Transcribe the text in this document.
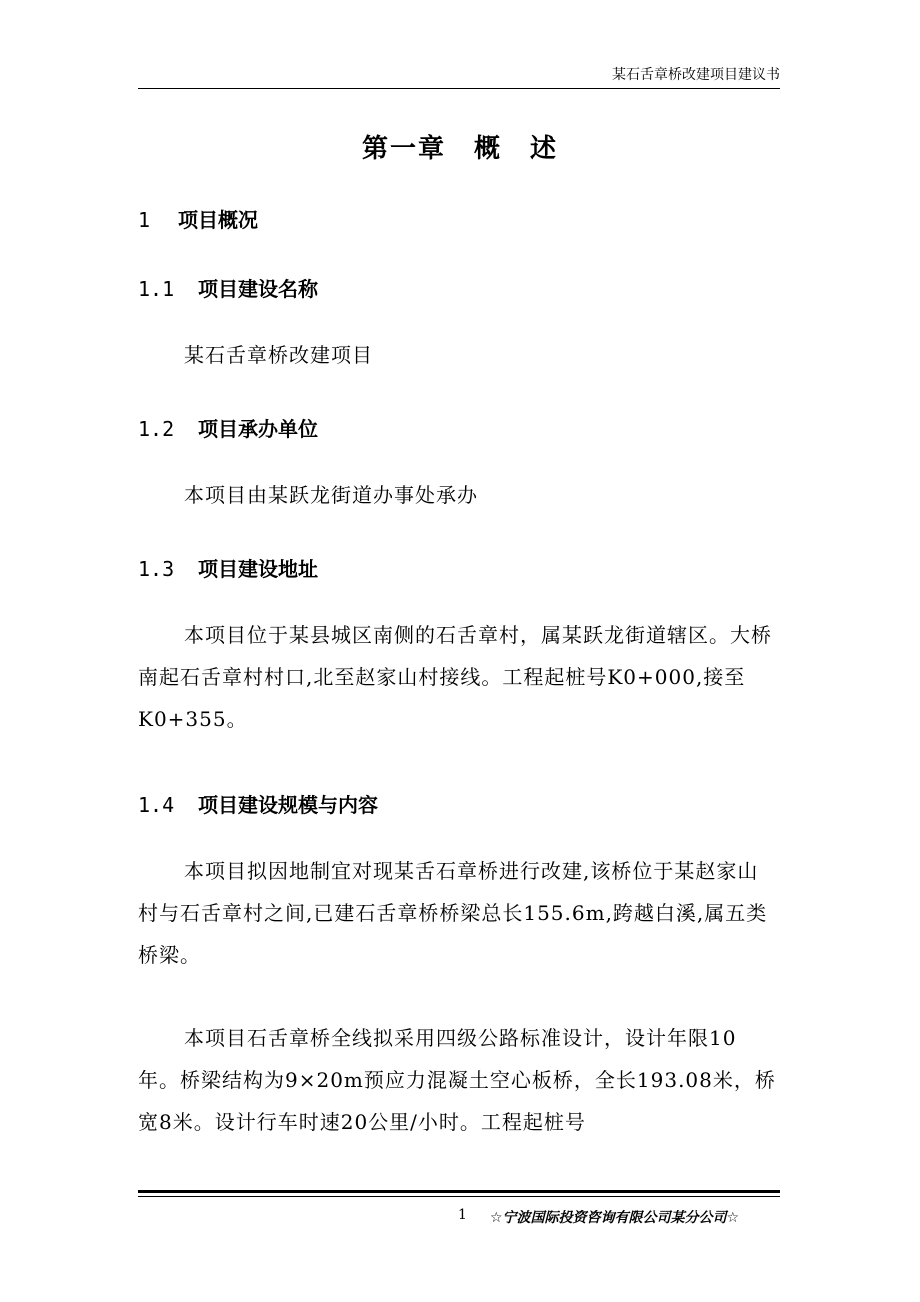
某石舌章桥改建项目建议书
第一章 概　述
1 项目概况
1.1 项目建设名称
某石舌章桥改建项目
1.2 项目承办单位
本项目由某跃龙街道办事处承办
1.3 项目建设地址
本项目位于某县城区南侧的石舌章村，属某跃龙街道辖区。大桥南起石舌章村村口,北至赵家山村接线。工程起桩号K0+000,接至K0+355。
1.4 项目建设规模与内容
本项目拟因地制宜对现某舌石章桥进行改建,该桥位于某赵家山村与石舌章村之间,已建石舌章桥桥梁总长155.6m,跨越白溪,属五类桥梁。
本项目石舌章桥全线拟采用四级公路标准设计，设计年限10年。桥梁结构为9×20m预应力混凝土空心板桥，全长193.08米，桥宽8米。设计行车时速20公里/小时。工程起桩号
1 ☆宁波国际投资咨询有限公司某分公司☆
